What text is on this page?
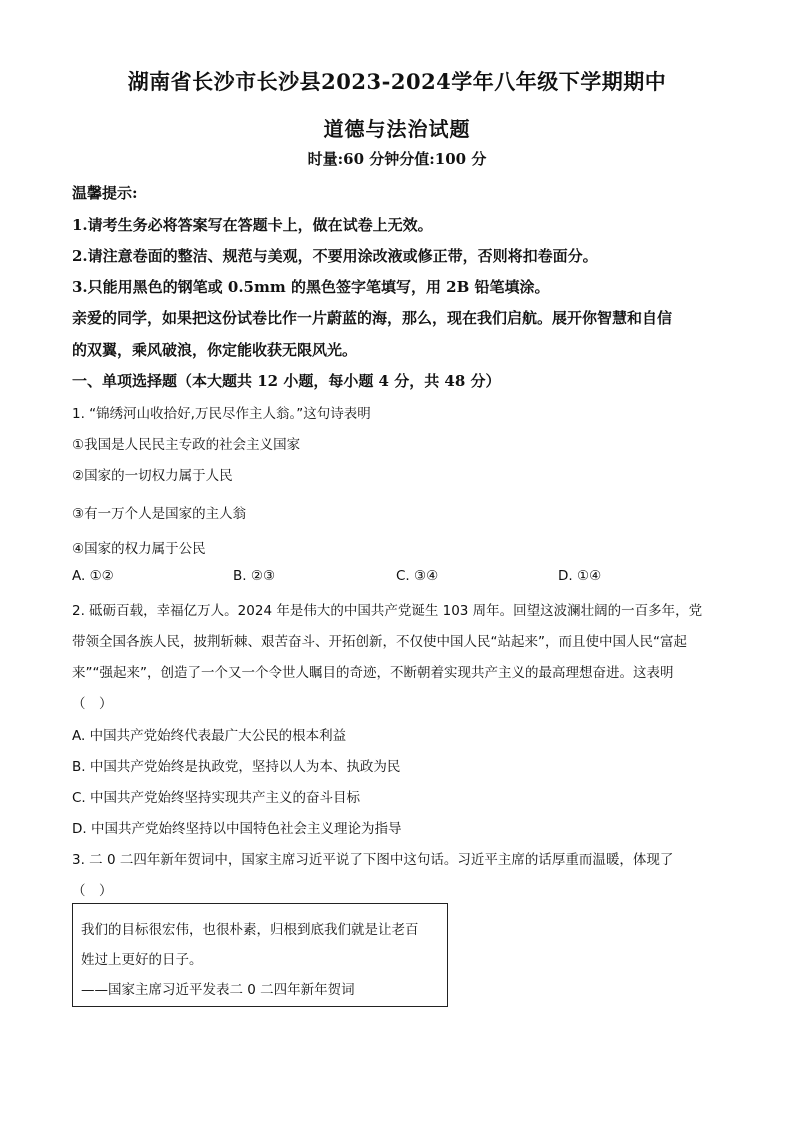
湖南省长沙市长沙县2023-2024学年八年级下学期期中
道德与法治试题
时量:60 分钟分值:100 分
温馨提示:
1.请考生务必将答案写在答题卡上，做在试卷上无效。
2.请注意卷面的整洁、规范与美观，不要用涂改液或修正带，否则将扣卷面分。
3.只能用黑色的钢笔或 0.5mm 的黑色签字笔填写，用 2B 铅笔填涂。
亲爱的同学，如果把这份试卷比作一片蔚蓝的海，那么，现在我们启航。展开你智慧和自信
的双翼，乘风破浪，你定能收获无限风光。
一、单项选择题（本大题共 12 小题，每小题 4 分，共 48 分）
1. “锦绣河山收拾好,万民尽作主人翁。”这句诗表明
①我国是人民民主专政的社会主义国家
②国家的一切权力属于人民
③有一万个人是国家的主人翁
④国家的权力属于公民
A. ①②	B. ②③	C. ③④	D. ①④
2. 砥砺百载，幸福亿万人。2024 年是伟大的中国共产党诞生 103 周年。回望这波澜壮阔的一百多年，党
带领全国各族人民，披荆斩棘、艰苦奋斗、开拓创新，不仅使中国人民“站起来”，而且使中国人民“富起
来”“强起来”，创造了一个又一个令世人瞩目的奇迹，不断朝着实现共产主义的最高理想奋进。这表明
（　）
A. 中国共产党始终代表最广大公民的根本利益
B. 中国共产党始终是执政党，坚持以人为本、执政为民
C. 中国共产党始终坚持实现共产主义的奋斗目标
D. 中国共产党始终坚持以中国特色社会主义理论为指导
3. 二 0 二四年新年贺词中，国家主席习近平说了下图中这句话。习近平主席的话厚重而温暖，体现了
（　）
我们的目标很宏伟，也很朴素，归根到底我们就是让老百
姓过上更好的日子。
——国家主席习近平发表二 0 二四年新年贺词
